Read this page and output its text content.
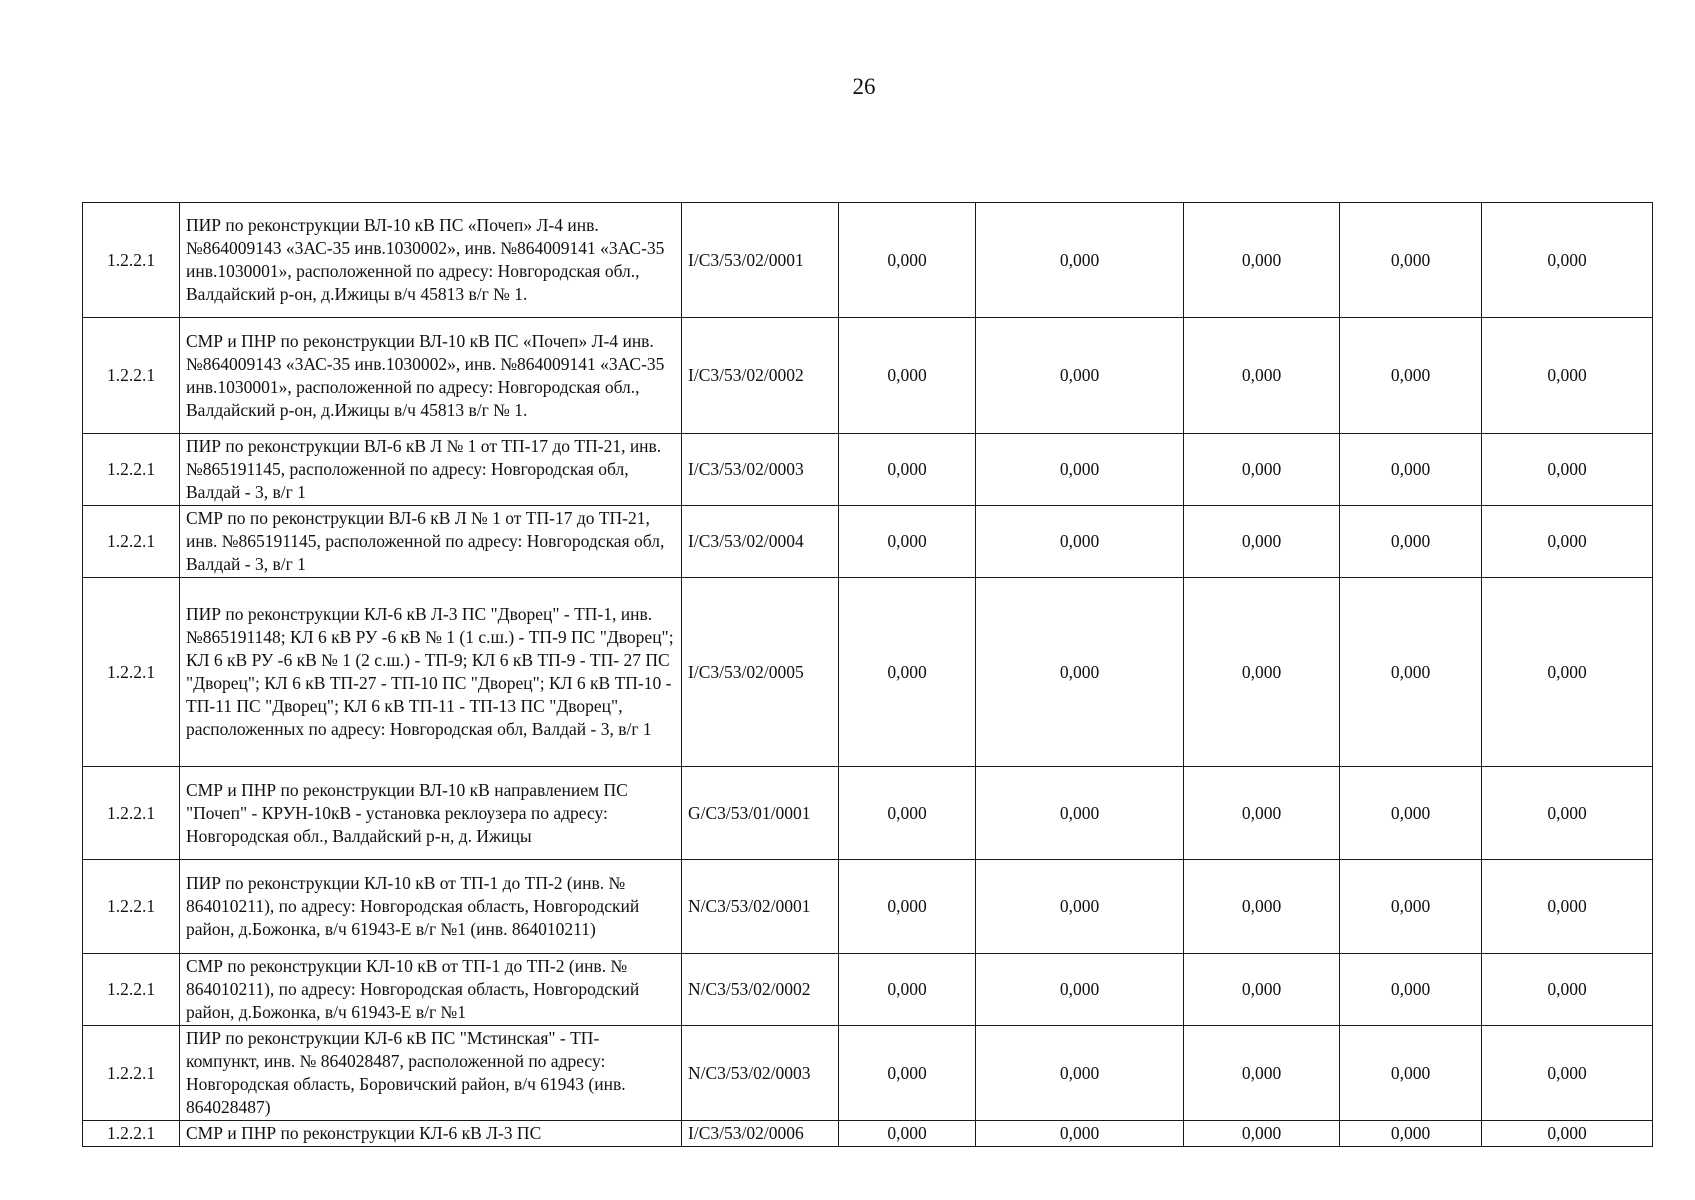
26
1.2.2.1	ПИР по реконструкции ВЛ-10 кВ ПС «Почеп» Л-4 инв. №864009143 «3АС-35 инв.1030002», инв. №864009141 «3АС-35 инв.1030001», расположенной по адресу: Новгородская обл., Валдайский р-он, д.Ижицы в/ч 45813 в/г № 1.	I/C3/53/02/0001	0,000	0,000	0,000	0,000	0,000
1.2.2.1	СМР и ПНР по реконструкции ВЛ-10 кВ ПС «Почеп» Л-4 инв. №864009143 «3АС-35 инв.1030002», инв. №864009141 «3АС-35 инв.1030001», расположенной по адресу: Новгородская обл., Валдайский р-он, д.Ижицы в/ч 45813 в/г № 1.	I/C3/53/02/0002	0,000	0,000	0,000	0,000	0,000
1.2.2.1	ПИР по реконструкции ВЛ-6 кВ Л № 1 от ТП-17 до ТП-21, инв. №865191145, расположенной по адресу: Новгородская обл, Валдай - 3, в/г 1	I/C3/53/02/0003	0,000	0,000	0,000	0,000	0,000
1.2.2.1	СМР по по реконструкции ВЛ-6 кВ Л № 1 от ТП-17 до ТП-21, инв. №865191145, расположенной по адресу: Новгородская обл, Валдай - 3, в/г 1	I/C3/53/02/0004	0,000	0,000	0,000	0,000	0,000
1.2.2.1	ПИР по реконструкции КЛ-6 кВ Л-3 ПС "Дворец" - ТП-1, инв. №865191148; КЛ 6 кВ РУ -6 кВ № 1 (1 с.ш.) - ТП-9 ПС "Дворец"; КЛ 6 кВ РУ -6 кВ № 1 (2 с.ш.) - ТП-9; КЛ 6 кВ ТП-9 - ТП- 27 ПС "Дворец"; КЛ 6 кВ ТП-27 - ТП-10 ПС "Дворец"; КЛ 6 кВ ТП-10 - ТП-11 ПС "Дворец"; КЛ 6 кВ ТП-11 - ТП-13 ПС "Дворец", расположенных по адресу: Новгородская обл, Валдай - 3, в/г 1	I/C3/53/02/0005	0,000	0,000	0,000	0,000	0,000
1.2.2.1	СМР и ПНР по реконструкции ВЛ-10 кВ направлением ПС "Почеп" - КРУН-10кВ - установка реклоузера по адресу: Новгородская обл., Валдайский р-н, д. Ижицы	G/C3/53/01/0001	0,000	0,000	0,000	0,000	0,000
1.2.2.1	ПИР по реконструкции КЛ-10 кВ от ТП-1 до ТП-2 (инв. № 864010211), по адресу: Новгородская область, Новгородский район, д.Божонка, в/ч 61943-Е в/г №1 (инв. 864010211)	N/C3/53/02/0001	0,000	0,000	0,000	0,000	0,000
1.2.2.1	СМР по реконструкции КЛ-10 кВ от ТП-1 до ТП-2 (инв. № 864010211), по адресу: Новгородская область, Новгородский район, д.Божонка, в/ч 61943-Е в/г №1	N/C3/53/02/0002	0,000	0,000	0,000	0,000	0,000
1.2.2.1	ПИР по реконструкции КЛ-6 кВ ПС "Мстинская" - ТП- компункт, инв. № 864028487, расположенной по адресу: Новгородская область, Боровичский район, в/ч 61943 (инв. 864028487)	N/C3/53/02/0003	0,000	0,000	0,000	0,000	0,000
1.2.2.1	СМР и ПНР по реконструкции КЛ-6 кВ Л-3 ПС	I/C3/53/02/0006	0,000	0,000	0,000	0,000	0,000
